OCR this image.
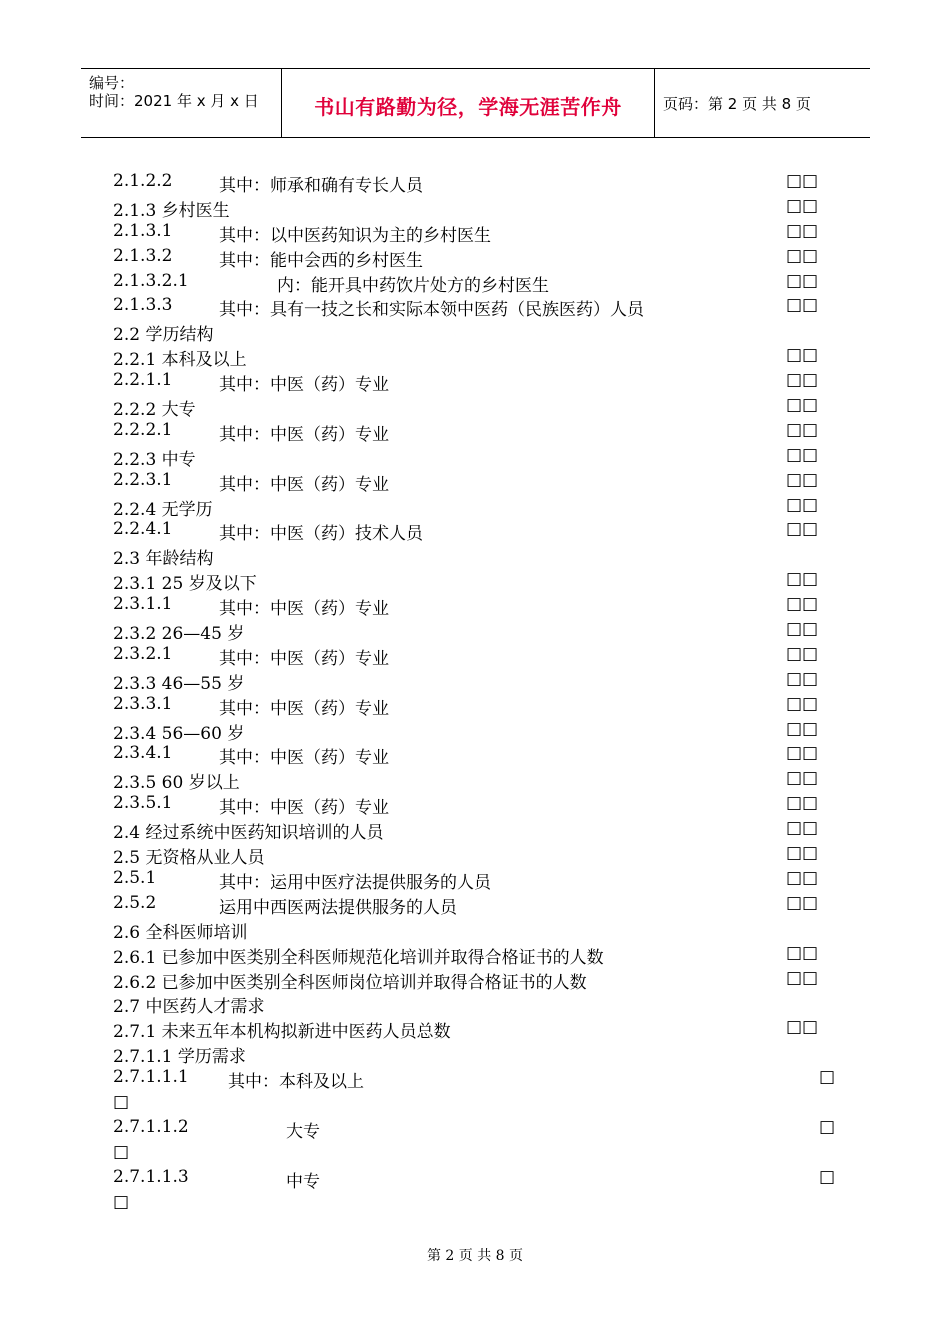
编号：
时间：2021 年 x 月 x 日	书山有路勤为径，学海无涯苦作舟	页码：第 2 页 共 8 页
2.1.2.2	其中：师承和确有专长人员	□□
2.1.3 乡村医生	□□
2.1.3.1	其中：以中医药知识为主的乡村医生	□□
2.1.3.2	其中：能中会西的乡村医生	□□
2.1.3.2.1	内：能开具中药饮片处方的乡村医生	□□
2.1.3.3	其中：具有一技之长和实际本领中医药（民族医药）人员	□□
2.2 学历结构
2.2.1 本科及以上	□□
2.2.1.1	其中：中医（药）专业	□□
2.2.2 大专	□□
2.2.2.1	其中：中医（药）专业	□□
2.2.3 中专	□□
2.2.3.1	其中：中医（药）专业	□□
2.2.4 无学历	□□
2.2.4.1	其中：中医（药）技术人员	□□
2.3 年龄结构
2.3.1 25 岁及以下	□□
2.3.1.1	其中：中医（药）专业	□□
2.3.2 26—45 岁	□□
2.3.2.1	其中：中医（药）专业	□□
2.3.3 46—55 岁	□□
2.3.3.1	其中：中医（药）专业	□□
2.3.4 56—60 岁	□□
2.3.4.1	其中：中医（药）专业	□□
2.3.5 60 岁以上	□□
2.3.5.1	其中：中医（药）专业	□□
2.4 经过系统中医药知识培训的人员	□□
2.5 无资格从业人员	□□
2.5.1	其中：运用中医疗法提供服务的人员	□□
2.5.2	运用中西医两法提供服务的人员	□□
2.6 全科医师培训
2.6.1 已参加中医类别全科医师规范化培训并取得合格证书的人数	□□
2.6.2 已参加中医类别全科医师岗位培训并取得合格证书的人数	□□
2.7 中医药人才需求
2.7.1 未来五年本机构拟新进中医药人员总数	□□
2.7.1.1 学历需求
2.7.1.1.1 其中：本科及以上	□
□
2.7.1.1.2	大专	□
□
2.7.1.1.3	中专	□
□
第 2 页 共 8 页
